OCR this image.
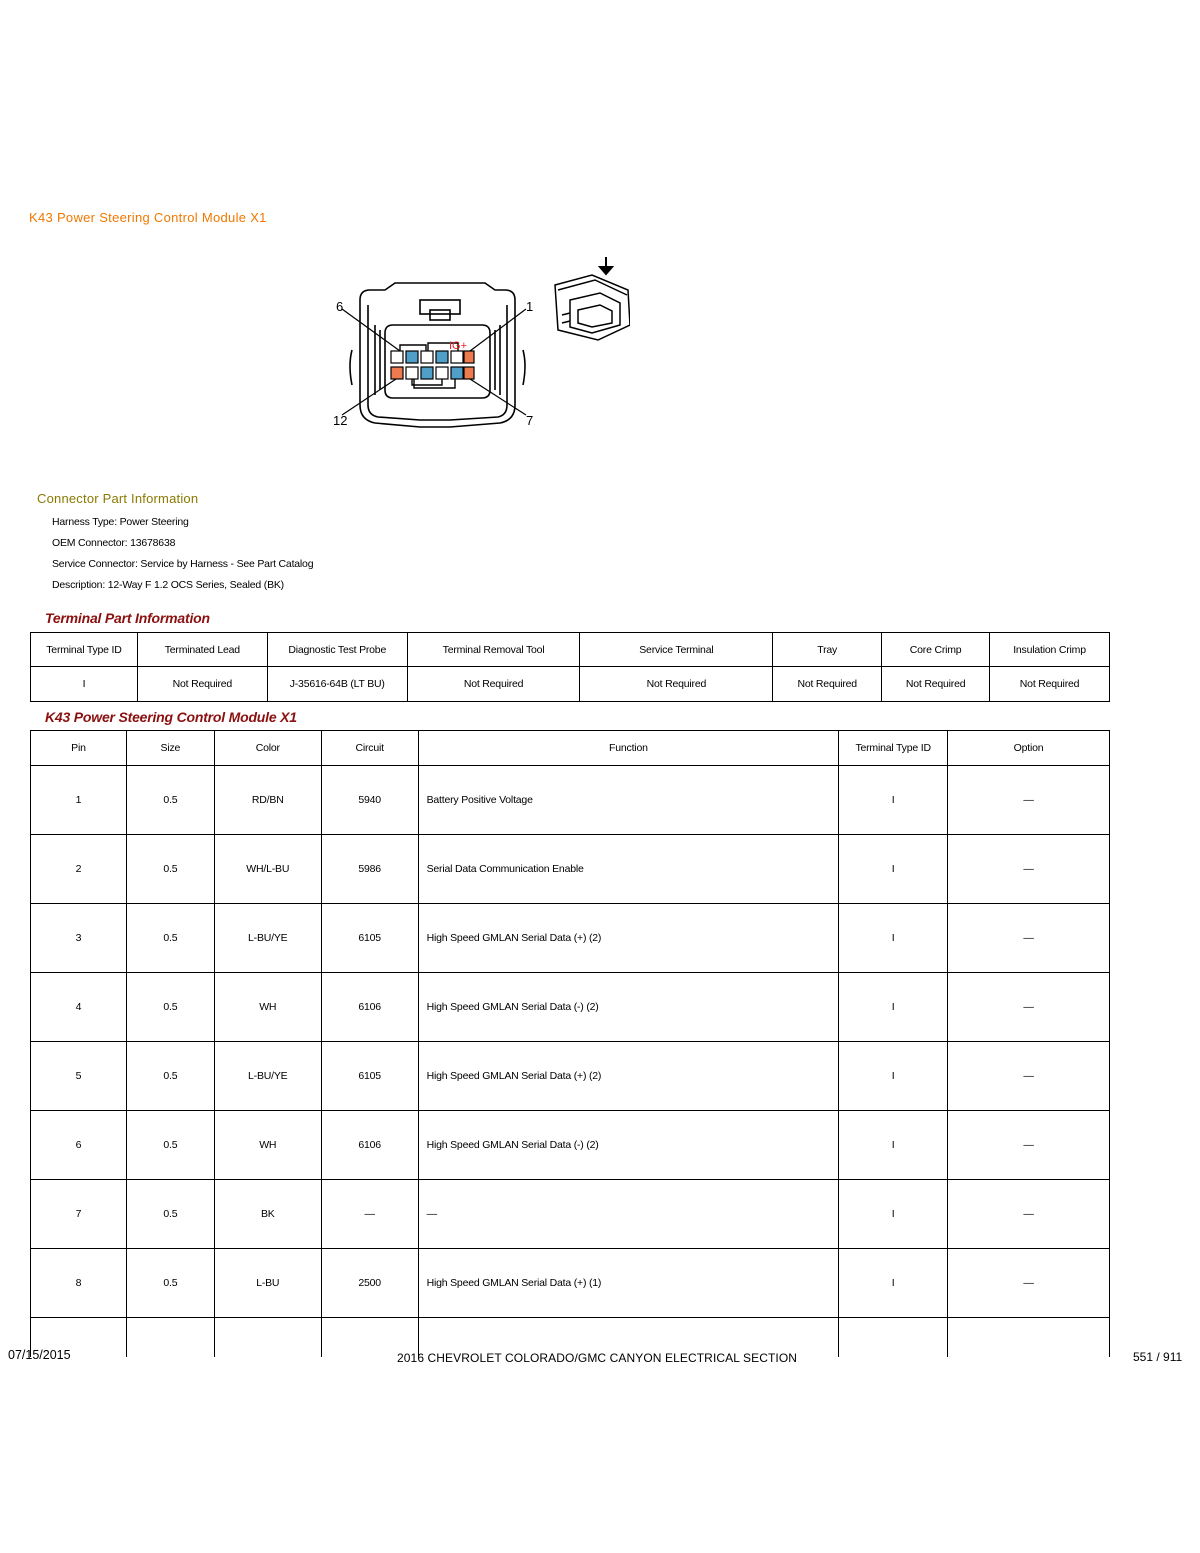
K43 Power Steering Control Module X1
6	1
12	7
IG+
Connector Part Information
Harness Type: Power Steering
OEM Connector: 13678638
Service Connector: Service by Harness - See Part Catalog
Description: 12-Way F 1.2 OCS Series, Sealed (BK)
Terminal Part Information
Terminal Type ID	Terminated Lead	Diagnostic Test Probe	Terminal Removal Tool	Service Terminal	Tray	Core Crimp	Insulation Crimp
I	Not Required	J-35616-64B (LT BU)	Not Required	Not Required	Not Required	Not Required	Not Required
K43 Power Steering Control Module X1
Pin	Size	Color	Circuit	Function	Terminal Type ID	Option
1	0.5	RD/BN	5940	Battery Positive Voltage	I	—
2	0.5	WH/L-BU	5986	Serial Data Communication Enable	I	—
3	0.5	L-BU/YE	6105	High Speed GMLAN Serial Data (+) (2)	I	—
4	0.5	WH	6106	High Speed GMLAN Serial Data (-) (2)	I	—
5	0.5	L-BU/YE	6105	High Speed GMLAN Serial Data (+) (2)	I	—
6	0.5	WH	6106	High Speed GMLAN Serial Data (-) (2)	I	—
7	0.5	BK	—	—	I	—
8	0.5	L-BU	2500	High Speed GMLAN Serial Data (+) (1)	I	—

07/15/2015	2016 CHEVROLET COLORADO/GMC CANYON ELECTRICAL SECTION	551 / 911
